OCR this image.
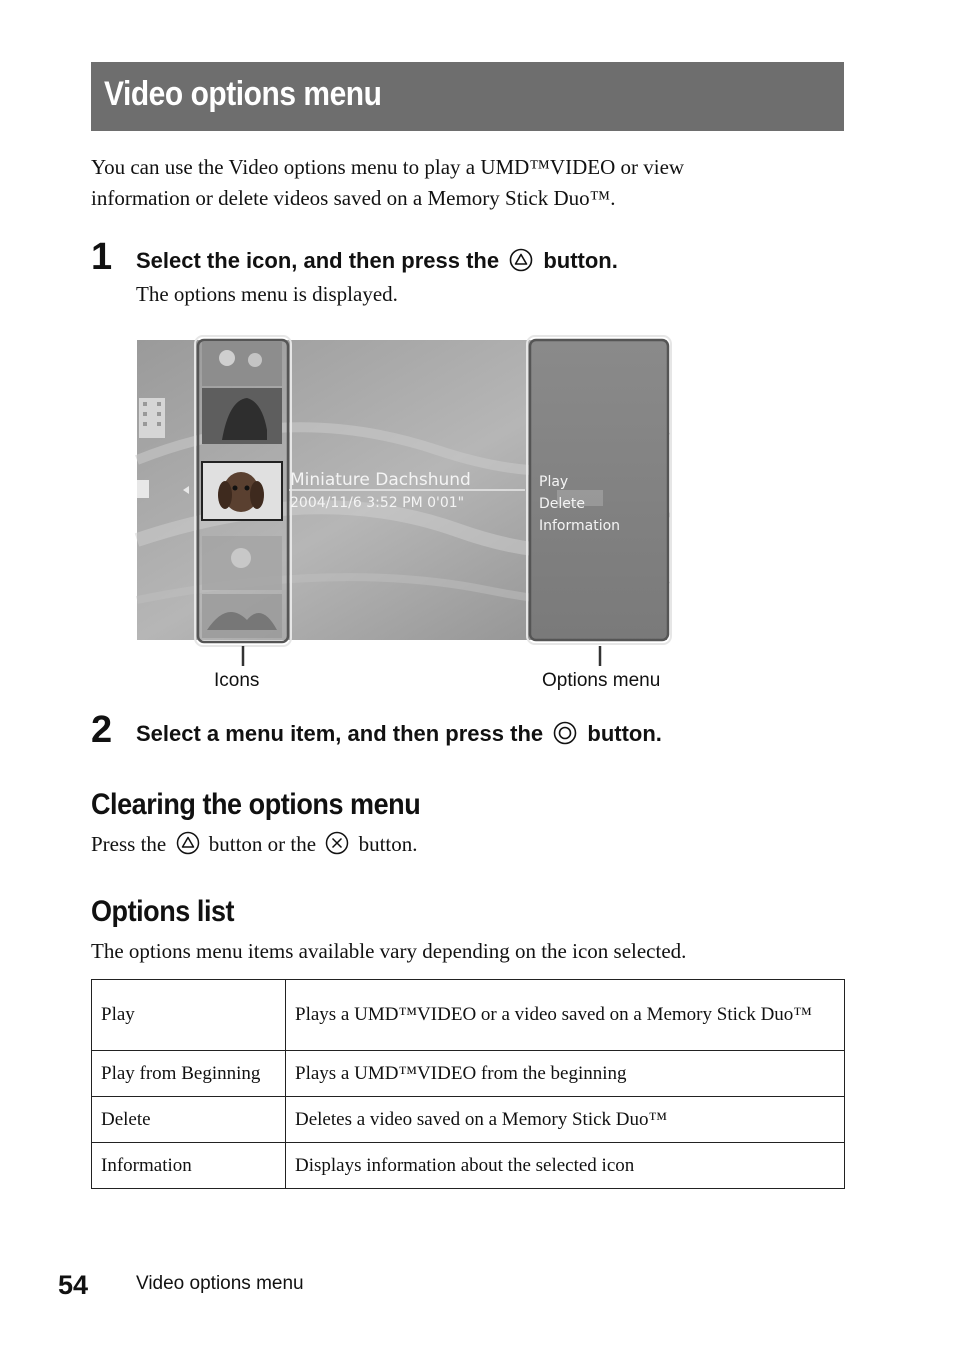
Video options menu
You can use the Video options menu to play a UMD™VIDEO or view
information or delete videos saved on a Memory Stick Duo™.
1 Select the icon, and then press the button.
The options menu is displayed.
Miniature Dachshund
2004/11/6 3:52 PM 0'01"
Play
Delete
Information
Icons	Options menu
2 Select a menu item, and then press the button.
Clearing the options menu
Press the button or the button.
Options list
The options menu items available vary depending on the icon selected.
Play	Plays a UMD™VIDEO or a video saved on a Memory Stick Duo™
Play from Beginning	Plays a UMD™VIDEO from the beginning
Delete	Deletes a video saved on a Memory Stick Duo™
Information	Displays information about the selected icon
54	Video options menu
